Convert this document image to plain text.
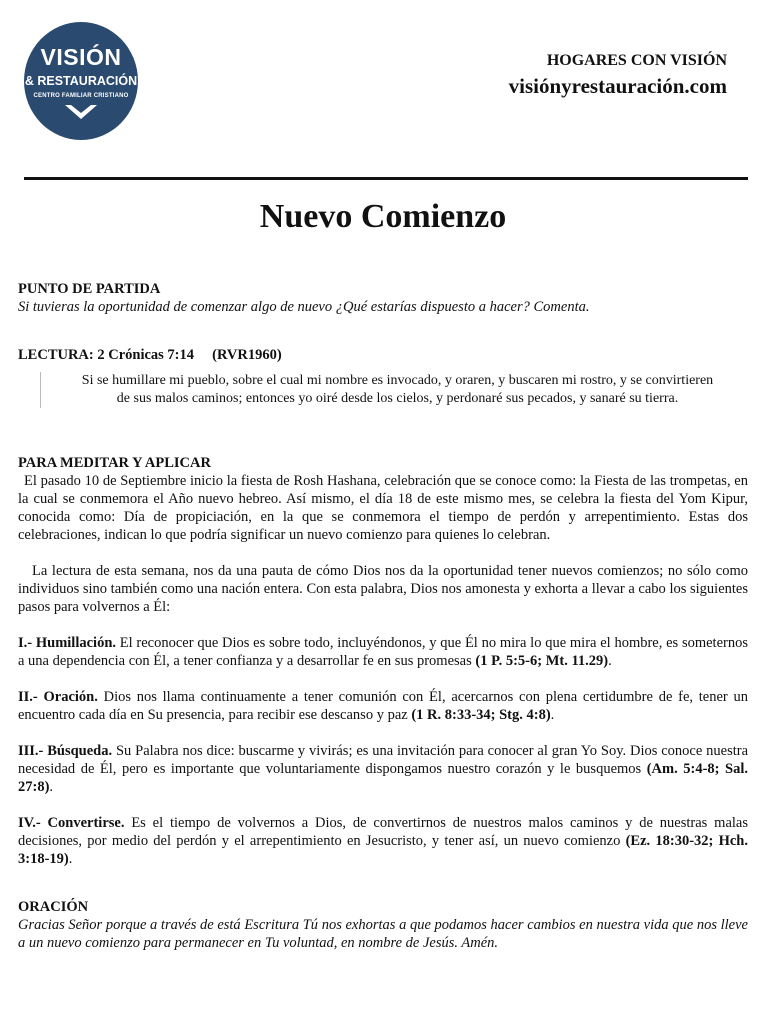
VISIÓN
& RESTAURACIÓN
CENTRO FAMILIAR CRISTIANO
HOGARES CON VISIÓN
visiónyrestauración.com
Nuevo Comienzo
PUNTO DE PARTIDA

Si tuvieras la oportunidad de comenzar algo de nuevo ¿Qué estarías dispuesto a hacer? Comenta.

LECTURA: 2 Crónicas 7:14     (RVR1960)
Si se humillare mi pueblo, sobre el cual mi nombre es invocado, y oraren, y buscaren mi rostro, y se convirtieren
de sus malos caminos; entonces yo oiré desde los cielos, y perdonaré sus pecados, y sanaré su tierra.
PARA MEDITAR Y APLICAR

El pasado 10 de Septiembre inicio la fiesta de Rosh Hashana, celebración que se conoce como: la Fiesta de las trompetas, en la cual se conmemora el Año nuevo hebreo. Así mismo, el día 18 de este mismo mes, se celebra la fiesta del Yom Kipur, conocida como: Día de propiciación, en la que se conmemora el tiempo de perdón y arrepentimiento. Estas dos celebraciones, indican lo que podría significar un nuevo comienzo para quienes lo celebran.

La lectura de esta semana, nos da una pauta de cómo Dios nos da la oportunidad tener nuevos comienzos; no sólo como individuos sino también como una nación entera. Con esta palabra, Dios nos amonesta y exhorta a llevar a cabo los siguientes pasos para volvernos a Él:

I.- Humillación. El reconocer que Dios es sobre todo, incluyéndonos, y que Él no mira lo que mira el hombre, es someternos a una dependencia con Él, a tener confianza y a desarrollar fe en sus promesas (1 P. 5:5-6; Mt. 11.29).

II.- Oración. Dios nos llama continuamente a tener comunión con Él, acercarnos con plena certidumbre de fe, tener un encuentro cada día en Su presencia, para recibir ese descanso y paz (1 R. 8:33-34; Stg. 4:8).

III.- Búsqueda. Su Palabra nos dice: buscarme y vivirás; es una invitación para conocer al gran Yo Soy. Dios conoce nuestra necesidad de Él, pero es importante que voluntariamente dispongamos nuestro corazón y le busquemos (Am. 5:4-8; Sal. 27:8).

IV.- Convertirse. Es el tiempo de volvernos a Dios, de convertirnos de nuestros malos caminos y de nuestras malas decisiones, por medio del perdón y el arrepentimiento en Jesucristo, y tener así, un nuevo comienzo (Ez. 18:30-32; Hch. 3:18-19).

ORACIÓN

Gracias Señor porque a través de está Escritura Tú nos exhortas a que podamos hacer cambios en nuestra vida que nos lleve a un nuevo comienzo para permanecer en Tu voluntad, en nombre de Jesús. Amén.
